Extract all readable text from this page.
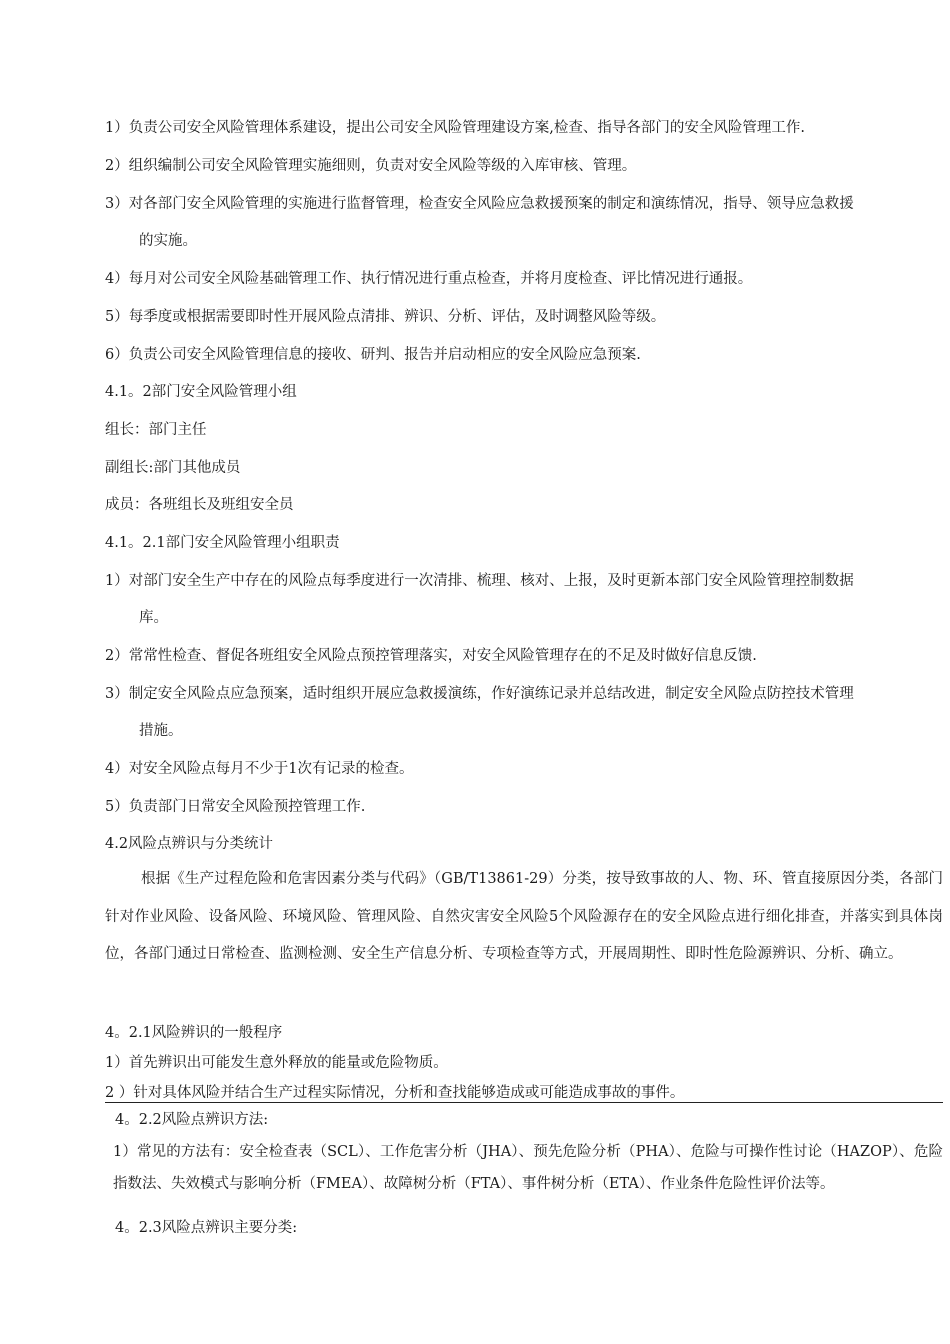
1）负责公司安全风险管理体系建设，提出公司安全风险管理建设方案,检查、指导各部门的安全风险管理工作.
2）组织编制公司安全风险管理实施细则，负责对安全风险等级的入库审核、管理。
3）对各部门安全风险管理的实施进行监督管理，检查安全风险应急救援预案的制定和演练情况，指导、领导应急救援
的实施。
4）每月对公司安全风险基础管理工作、执行情况进行重点检查，并将月度检查、评比情况进行通报。
5）每季度或根据需要即时性开展风险点清排、辨识、分析、评估，及时调整风险等级。
6）负责公司安全风险管理信息的接收、研判、报告并启动相应的安全风险应急预案.
4.1。2部门安全风险管理小组
组长：部门主任
副组长:部门其他成员
成员：各班组长及班组安全员
4.1。2.1部门安全风险管理小组职责
1）对部门安全生产中存在的风险点每季度进行一次清排、梳理、核对、上报，及时更新本部门安全风险管理控制数据
库。
2）常常性检查、督促各班组安全风险点预控管理落实，对安全风险管理存在的不足及时做好信息反馈.
3）制定安全风险点应急预案，适时组织开展应急救援演练，作好演练记录并总结改进，制定安全风险点防控技术管理
措施。
4）对安全风险点每月不少于1次有记录的检查。
5）负责部门日常安全风险预控管理工作.
4.2风险点辨识与分类统计
根据《生产过程危险和危害因素分类与代码》（GB/T13861-29）分类，按导致事故的人、物、环、管直接原因分类，各部门针对作业风险、设备风险、环境风险、管理风险、自然灾害安全风险5个风险源存在的安全风险点进行细化排查，并落实到具体岗位，各部门通过日常检查、监测检测、安全生产信息分析、专项检查等方式，开展周期性、即时性危险源辨识、分析、确立。
4。2.1风险辨识的一般程序
1）首先辨识出可能发生意外释放的能量或危险物质。
2 ）针对具体风险并结合生产过程实际情况，分析和查找能够造成或可能造成事故的事件。
4。2.2风险点辨识方法:
1）常见的方法有：安全检查表（SCL）、工作危害分析（JHA）、预先危险分析（PHA）、危险与可操作性讨论（HAZOP）、危险指数法、失效模式与影响分析（FMEA）、故障树分析（FTA）、事件树分析（ETA）、作业条件危险性评价法等。
4。2.3风险点辨识主要分类:
